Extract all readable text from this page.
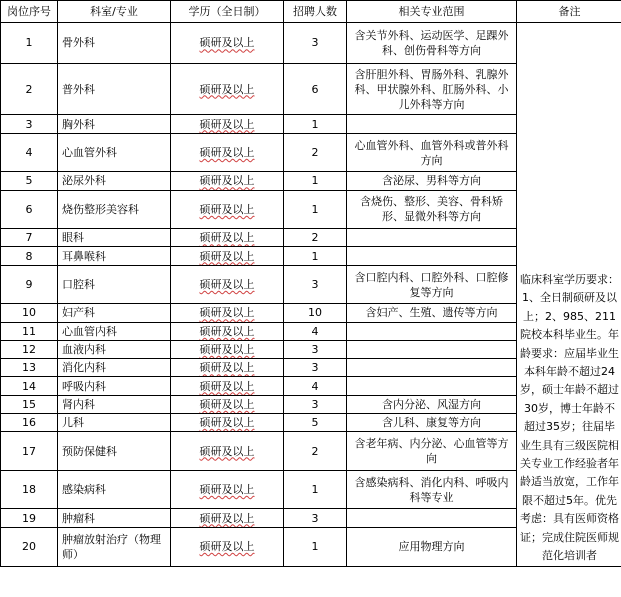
岗位序号	科室/专业	学历（全日制）	招聘人数	相关专业范围	备注
1	骨外科	硕研及以上	3	含关节外科、运动医学、足踝外科、创伤骨科等方向	临床科室学历要求：1、全日制硕研及以上；2、985、211院校本科毕业生。年龄要求：应届毕业生本科年龄不超过24岁，硕士年龄不超过30岁，博士年龄不超过35岁；往届毕业生具有三级医院相关专业工作经验者年龄适当放宽，工作年限不超过5年。优先考虑：具有医师资格证；完成住院医师规范化培训者

2	普外科	硕研及以上	6	含肝胆外科、胃肠外科、乳腺外科、甲状腺外科、肛肠外科、小儿外科等方向	
3	胸外科	硕研及以上	1		
4	心血管外科	硕研及以上	2	心血管外科、血管外科或普外科方向	
5	泌尿外科	硕研及以上	1	含泌尿、男科等方向	
6	烧伤整形美容科	硕研及以上	1	含烧伤、整形、美容、骨科矫形、显微外科等方向	
7	眼科	硕研及以上	2		
8	耳鼻喉科	硕研及以上	1		
9	口腔科	硕研及以上	3	含口腔内科、口腔外科、口腔修复等方向	
10	妇产科	硕研及以上	10	含妇产、生殖、遗传等方向	
11	心血管内科	硕研及以上	4		
12	血液内科	硕研及以上	3		
13	消化内科	硕研及以上	3		
14	呼吸内科	硕研及以上	4		
15	肾内科	硕研及以上	3	含内分泌、风湿方向	
16	儿科	硕研及以上	5	含儿科、康复等方向	
17	预防保健科	硕研及以上	2	含老年病、内分泌、心血管等方向	
18	感染病科	硕研及以上	1	含感染病科、消化内科、呼吸内科等专业	
19	肿瘤科	硕研及以上	3		
20	肿瘤放射治疗（物理师）	硕研及以上	1	应用物理方向	
